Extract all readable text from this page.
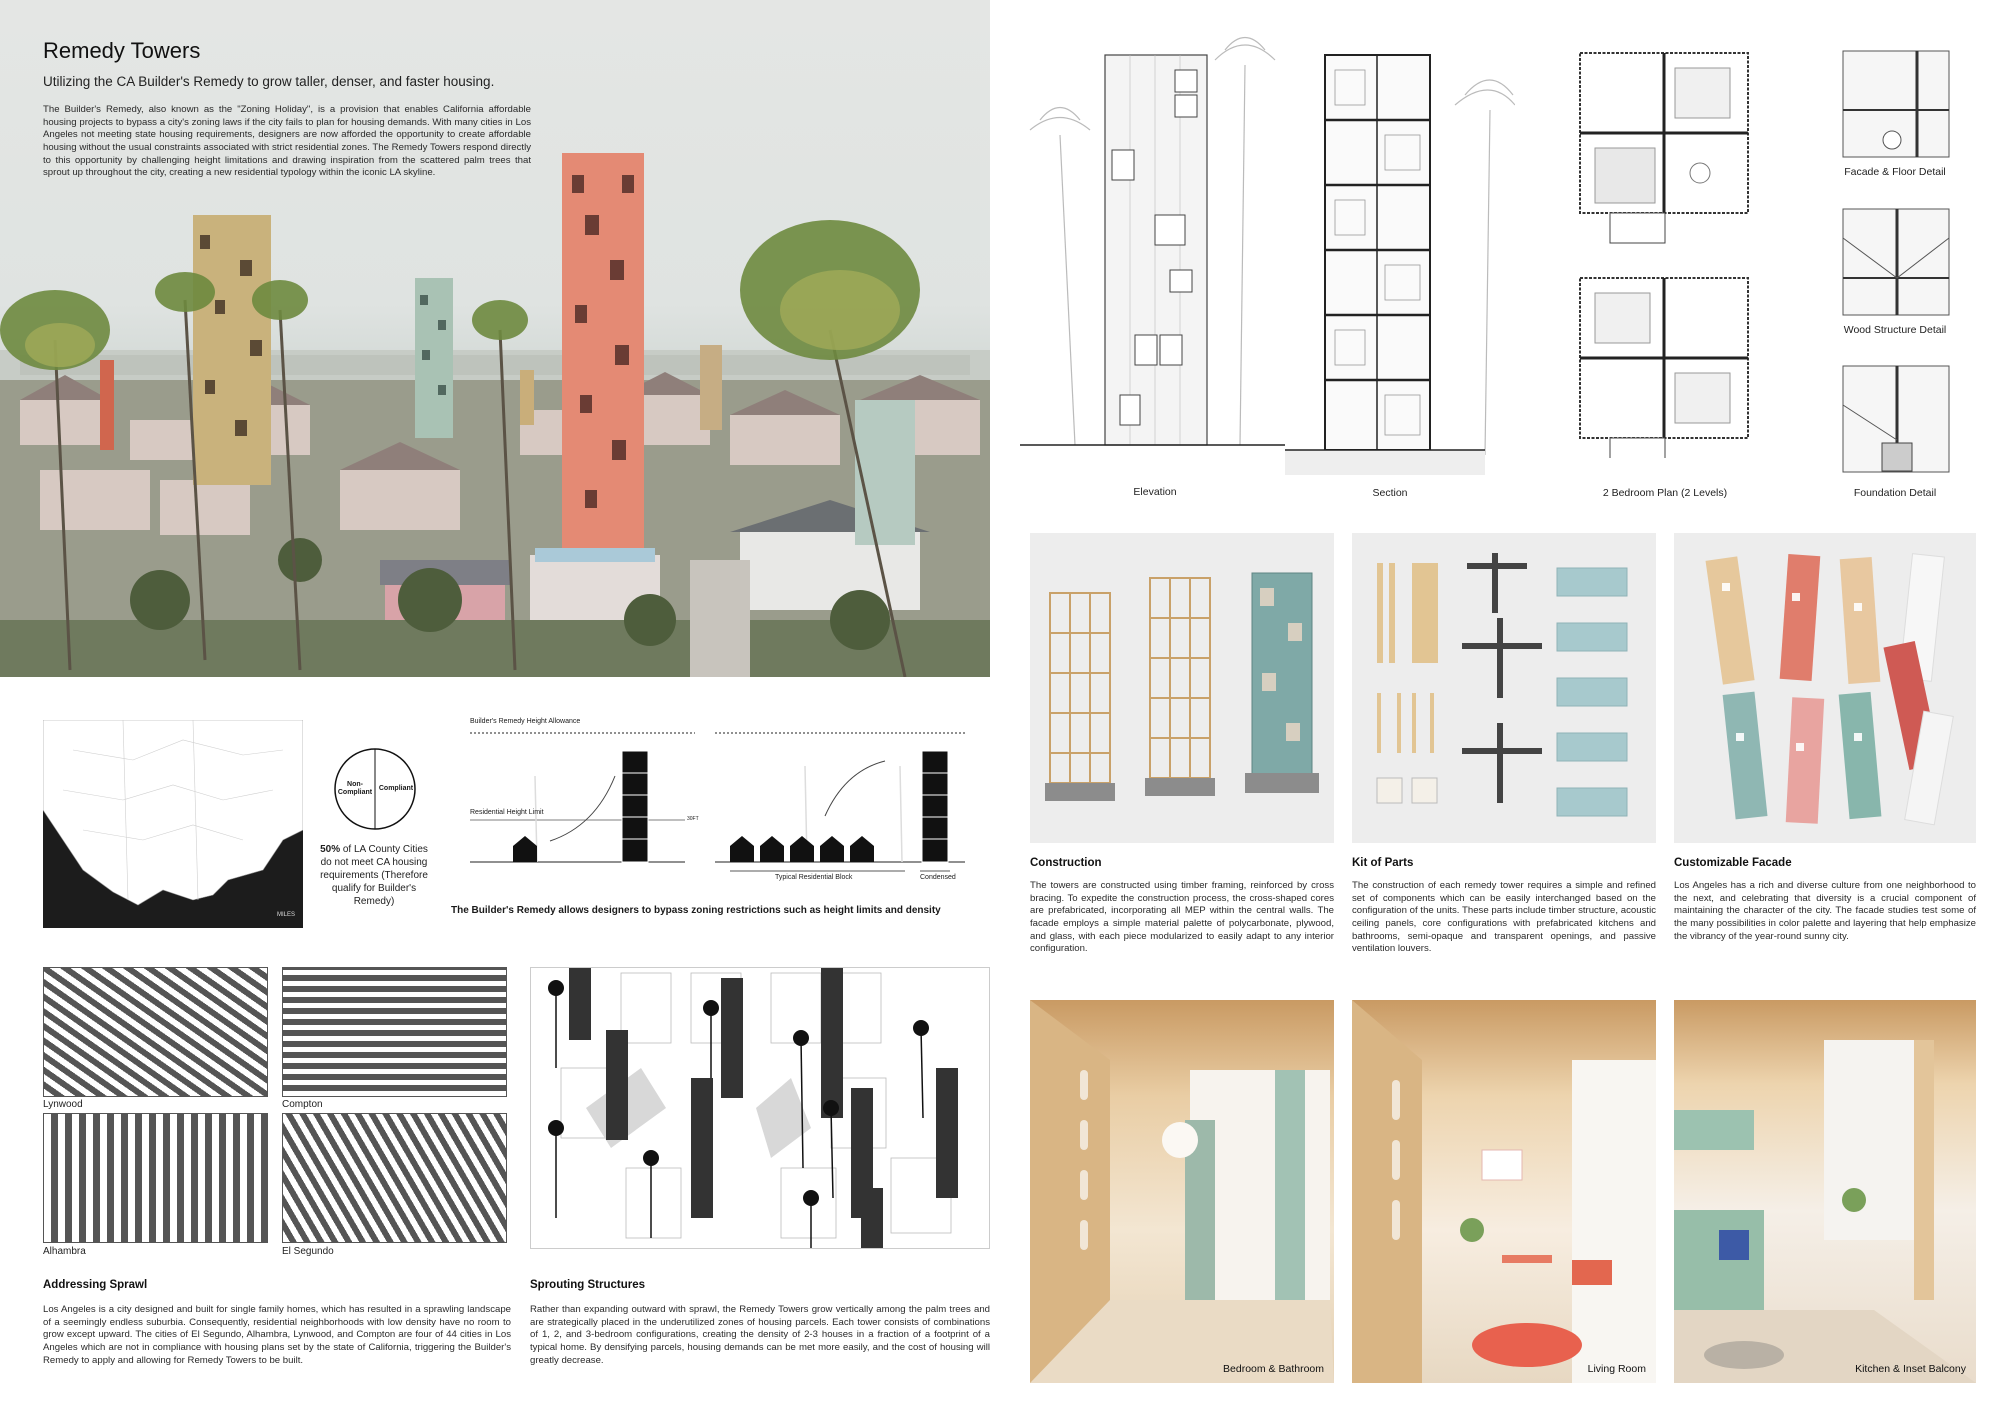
Remedy Towers
Utilizing the CA Builder's Remedy to grow taller, denser, and faster housing.
The Builder's Remedy, also known as the "Zoning Holiday", is a provision that enables California affordable housing projects to bypass a city's zoning laws if the city fails to plan for housing demands. With many cities in Los Angeles not meeting state housing requirements, designers are now afforded the opportunity to create affordable housing without the usual constraints associated with strict residential zones. The Remedy Towers respond directly to this opportunity by challenging height limitations and drawing inspiration from the scattered palm trees that sprout up throughout the city, creating a new residential typology within the iconic LA skyline.
Elevation	Section	2 Bedroom Plan (2 Levels)
Facade & Floor Detail
Wood Structure Detail
Foundation Detail
MILES
Non-Compliant
Compliant
50% of LA County Cities do not meet CA housing requirements (Therefore qualify for Builder's Remedy)
Builder's Remedy Height Allowance
Residential Height Limit
30FT
Typical Residential Block	Condensed
The Builder's Remedy allows designers to bypass zoning restrictions such as height limits and density
Lynwood	Compton
Alhambra	El Segundo
Addressing Sprawl
Los Angeles is a city designed and built for single family homes, which has resulted in a sprawling landscape of a seemingly endless suburbia. Consequently, residential neighborhoods with low density have no room to grow except upward. The cities of El Segundo, Alhambra, Lynwood, and Compton are four of 44 cities in Los Angeles which are not in compliance with housing plans set by the state of California, triggering the Builder's Remedy to apply and allowing for Remedy Towers to be built.
Sprouting Structures
Rather than expanding outward with sprawl, the Remedy Towers grow vertically among the palm trees and are strategically placed in the underutilized zones of housing parcels. Each tower consists of combinations of 1, 2, and 3-bedroom configurations, creating the density of 2-3 houses in a fraction of a footprint of a typical home. By densifying parcels, housing demands can be met more easily, and the cost of housing will greatly decrease.
Construction
The towers are constructed using timber framing, reinforced by cross bracing. To expedite the construction process, the cross-shaped cores are prefabricated, incorporating all MEP within the central walls. The facade employs a simple material palette of polycarbonate, plywood, and glass, with each piece modularized to easily adapt to any interior configuration.
Kit of Parts
The construction of each remedy tower requires a simple and refined set of components which can be easily interchanged based on the configuration of the units. These parts include timber structure, acoustic ceiling panels, core configurations with prefabricated kitchens and bathrooms, semi-opaque and transparent openings, and passive ventilation louvers.
Customizable Facade
Los Angeles has a rich and diverse culture from one neighborhood to the next, and celebrating that diversity is a crucial component of maintaining the character of the city. The facade studies test some of the many possibilities in color palette and layering that help emphasize the vibrancy of the year-round sunny city.
Bedroom & Bathroom	Living Room	Kitchen & Inset Balcony
